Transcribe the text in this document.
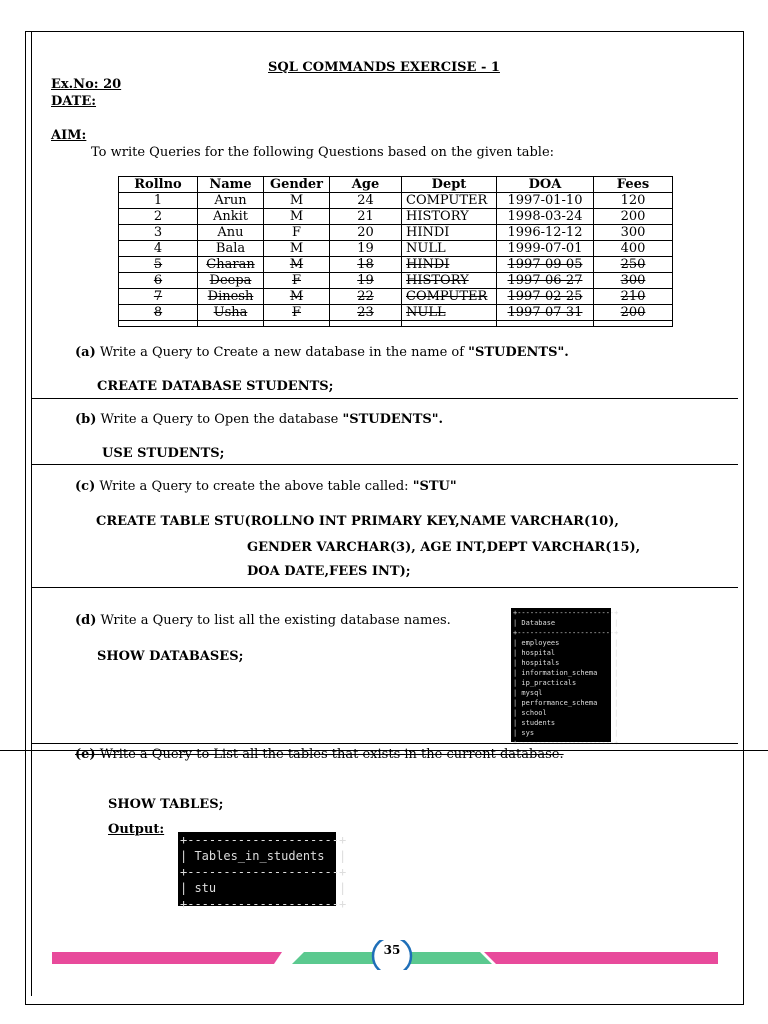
SQL COMMANDS EXERCISE - 1
Ex.No: 20
DATE:
AIM:
To write Queries for the following Questions based on the given table:
Rollno	Name	Gender	Age	Dept	DOA	Fees
1	Arun	M	24	COMPUTER	1997-01-10	120
2	Ankit	M	21	HISTORY	1998-03-24	200
3	Anu	F	20	HINDI	1996-12-12	300
4	Bala	M	19	NULL	1999-07-01	400
5	Charan	M	18	HINDI	1997-09-05	250
6	Deepa	F	19	HISTORY	1997-06-27	300
7	Dinesh	M	22	COMPUTER	1997-02-25	210
8	Usha	F	23	NULL	1997-07-31	200

(a) Write a Query to Create a new database in the name of "STUDENTS".
CREATE DATABASE STUDENTS;
(b) Write a Query to Open the database "STUDENTS".
USE STUDENTS;
(c) Write a Query to create the above table called: "STU"
CREATE TABLE STU(ROLLNO INT PRIMARY KEY,NAME VARCHAR(10),
GENDER VARCHAR(3), AGE INT,DEPT VARCHAR(15),
DOA DATE,FEES INT);
(d) Write a Query to list all the existing database names.
SHOW DATABASES;
+-----------------------+
| Database              |
+-----------------------+
| employees             |
| hospital              |
| hospitals             |
| information_schema    |
| ip_practicals         |
| mysql                 |
| performance_schema    |
| school                |
| students              |
| sys                   |
+-----------------------+
(e) Write a Query to List all the tables that exists in the current database.
SHOW TABLES;
Output:
+---------------------+
| Tables_in_students  |
+---------------------+
| stu                 |
+---------------------+
35
